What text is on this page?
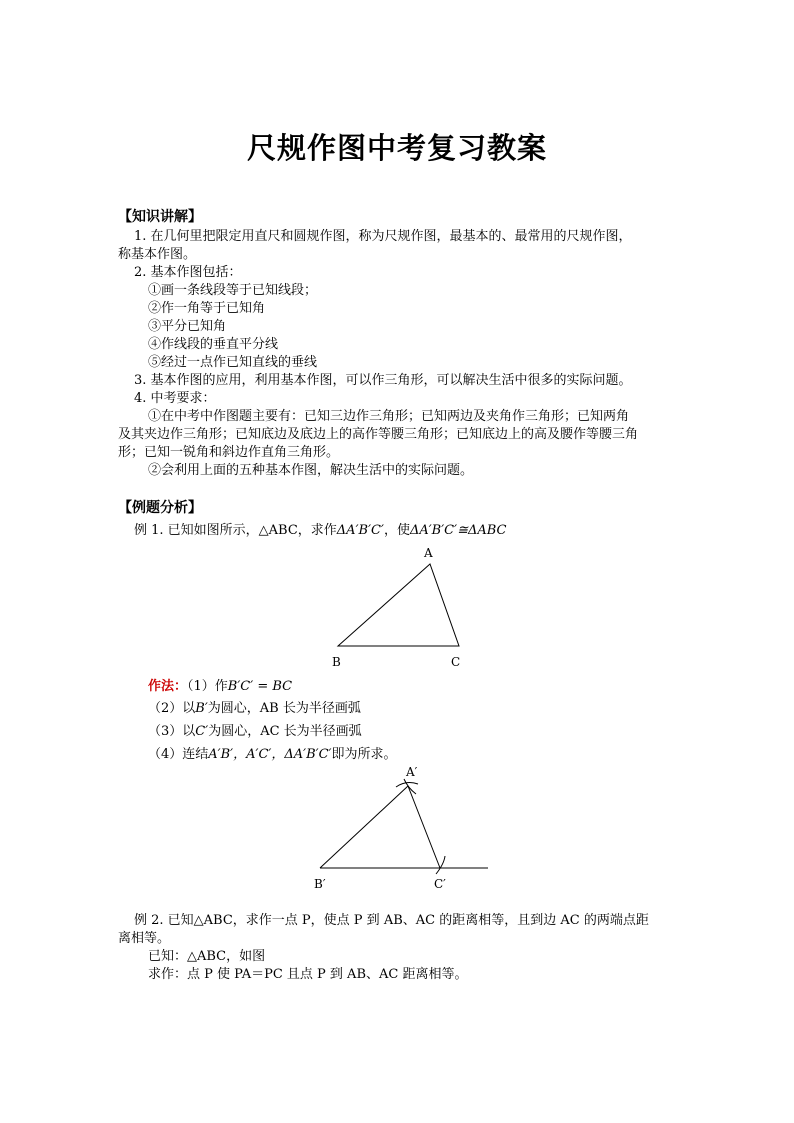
尺规作图中考复习教案
【知识讲解】
1. 在几何里把限定用直尺和圆规作图，称为尺规作图，最基本的、最常用的尺规作图，
称基本作图。
2. 基本作图包括：
①画一条线段等于已知线段；
②作一角等于已知角
③平分已知角
④作线段的垂直平分线
⑤经过一点作已知直线的垂线
3. 基本作图的应用，利用基本作图，可以作三角形，可以解决生活中很多的实际问题。
4. 中考要求：
①在中考中作图题主要有：已知三边作三角形；已知两边及夹角作三角形；已知两角
及其夹边作三角形；已知底边及底边上的高作等腰三角形；已知底边上的高及腰作等腰三角
形；已知一锐角和斜边作直角三角形。
②会利用上面的五种基本作图，解决生活中的实际问题。
【例题分析】
例 1. 已知如图所示，△ABC，求作ΔA′B′C′，使ΔA′B′C′≅ΔABC
A
B	C
作法：（1）作B′C′ = BC
（2）以B′为圆心，AB 长为半径画弧
（3）以C′为圆心，AC 长为半径画弧
（4）连结A′B′，A′C′，ΔA′B′C′即为所求。
A′
B′	C′
例 2. 已知△ABC，求作一点 P，使点 P 到 AB、AC 的距离相等，且到边 AC 的两端点距
离相等。
已知：△ABC，如图
求作：点 P 使 PA＝PC 且点 P 到 AB、AC 距离相等。
